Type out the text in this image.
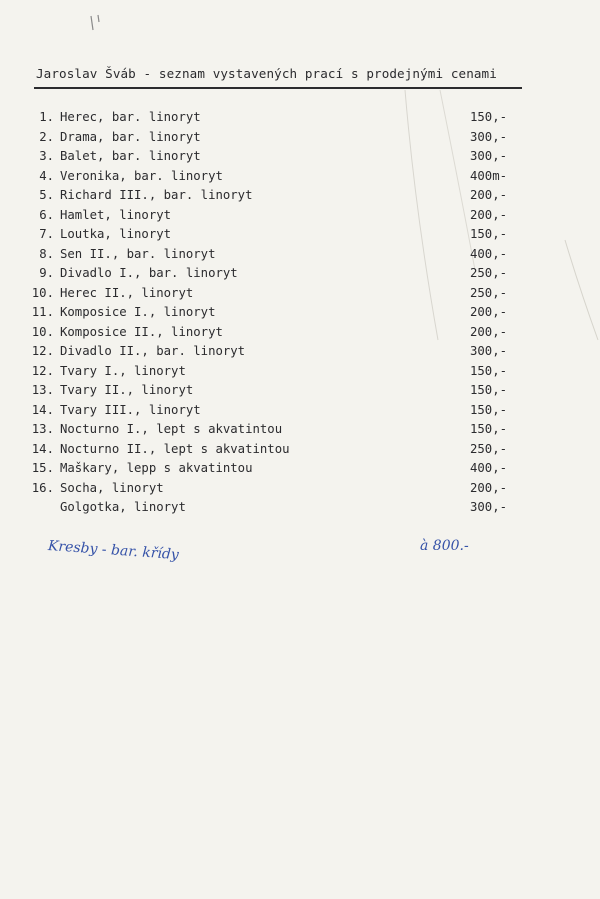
Jaroslav Šváb - seznam vystavených prací s prodejnými cenami
1. Herec, bar. linoryt	150,-
2. Drama, bar. linoryt	300,-
3. Balet, bar. linoryt	300,-
4. Veronika, bar. linoryt	400m-
5. Richard III., bar. linoryt	200,-
6. Hamlet, linoryt	200,-
7. Loutka, linoryt	150,-
8. Sen II., bar. linoryt	400,-
9. Divadlo I., bar. linoryt	250,-
10. Herec II., linoryt	250,-
11. Komposice I., linoryt	200,-
10. Komposice II., linoryt	200,-
12. Divadlo II., bar. linoryt	300,-
12. Tvary I., linoryt	150,-
13. Tvary II., linoryt	150,-
14. Tvary III., linoryt	150,-
13. Nocturno I., lept s akvatintou	150,-
14. Nocturno II., lept s akvatintou	250,-
15. Maškary, lepp s akvatintou	400,-
16. Socha, linoryt	200,-
Golgotka, linoryt	300,-
Kresby - bar. křídy	à 800.-
